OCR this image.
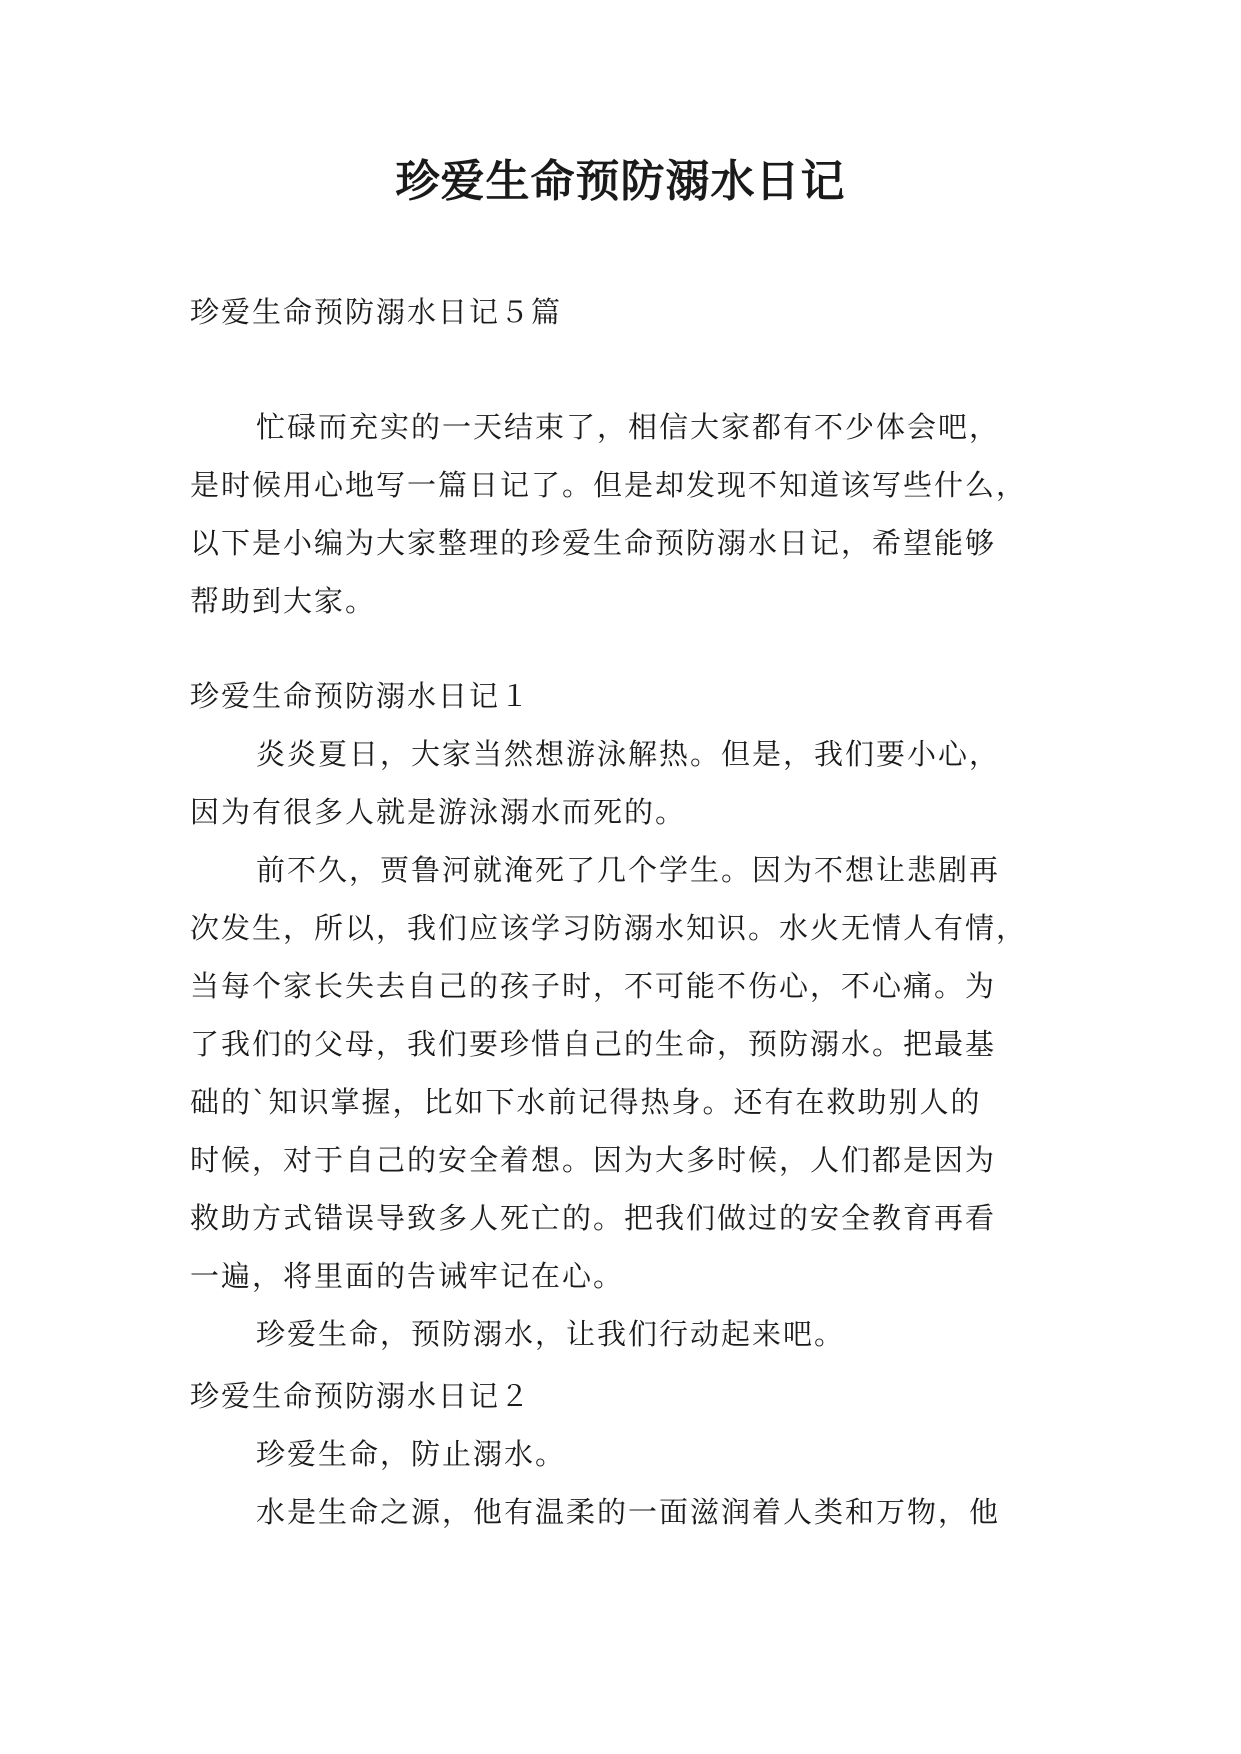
珍爱生命预防溺水日记

珍爱生命预防溺水日记５篇

忙碌而充实的一天结束了，相信大家都有不少体会吧，

是时候用心地写一篇日记了。但是却发现不知道该写些什么，

以下是小编为大家整理的珍爱生命预防溺水日记，希望能够

帮助到大家。

珍爱生命预防溺水日记１

炎炎夏日，大家当然想游泳解热。但是，我们要小心，

因为有很多人就是游泳溺水而死的。

前不久，贾鲁河就淹死了几个学生。因为不想让悲剧再

次发生，所以，我们应该学习防溺水知识。水火无情人有情，

当每个家长失去自己的孩子时，不可能不伤心，不心痛。为

了我们的父母，我们要珍惜自己的生命，预防溺水。把最基

础的`知识掌握，比如下水前记得热身。还有在救助别人的

时候，对于自己的安全着想。因为大多时候，人们都是因为

救助方式错误导致多人死亡的。把我们做过的安全教育再看

一遍，将里面的告诫牢记在心。

珍爱生命，预防溺水，让我们行动起来吧。

珍爱生命预防溺水日记２

珍爱生命，防止溺水。

水是生命之源，他有温柔的一面滋润着人类和万物，他
